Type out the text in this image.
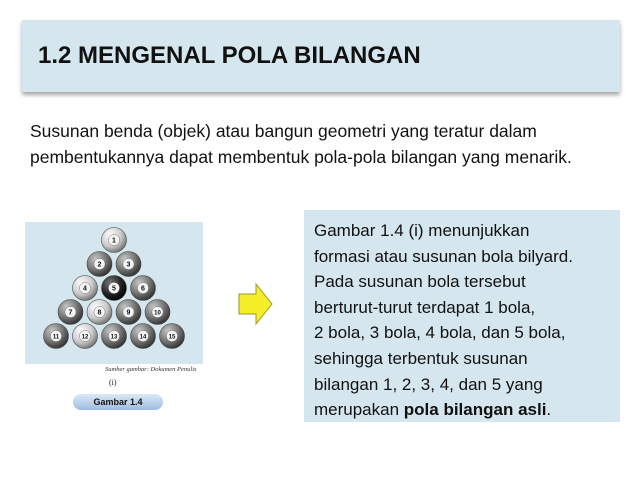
1.2 MENGENAL POLA BILANGAN
Susunan benda (objek) atau bangun geometri yang teratur dalam pembentukannya dapat membentuk pola-pola bilangan yang menarik.
1
2	3
4	5	6
7	8	9	10
11	12	13	14	15
Sumber gambar: Dokumen Penulis
(i)
Gambar 1.4
Gambar 1.4 (i) menunjukkan
formasi atau susunan bola bilyard.
Pada susunan bola tersebut
berturut-turut terdapat 1 bola,
2 bola, 3 bola, 4 bola, dan 5 bola,
sehingga terbentuk susunan
bilangan 1, 2, 3, 4, dan 5 yang
merupakan pola bilangan asli.
